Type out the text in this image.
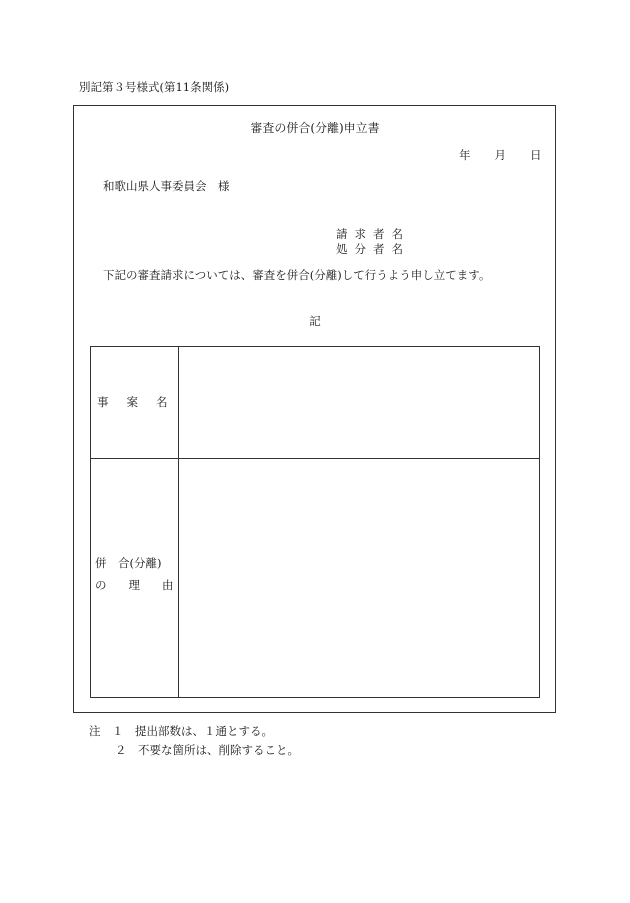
別記第３号様式(第11条関係)
審査の併合(分離)申立書
年 月 日
和歌山県人事委員会　様
請求者名
処分者名
下記の審査請求については、審査を併合(分離)して行うよう申し立てます。
記
事案名
併　合(分離)
の理由
注　１　提出部数は、１通とする。
２　不要な箇所は、削除すること。
